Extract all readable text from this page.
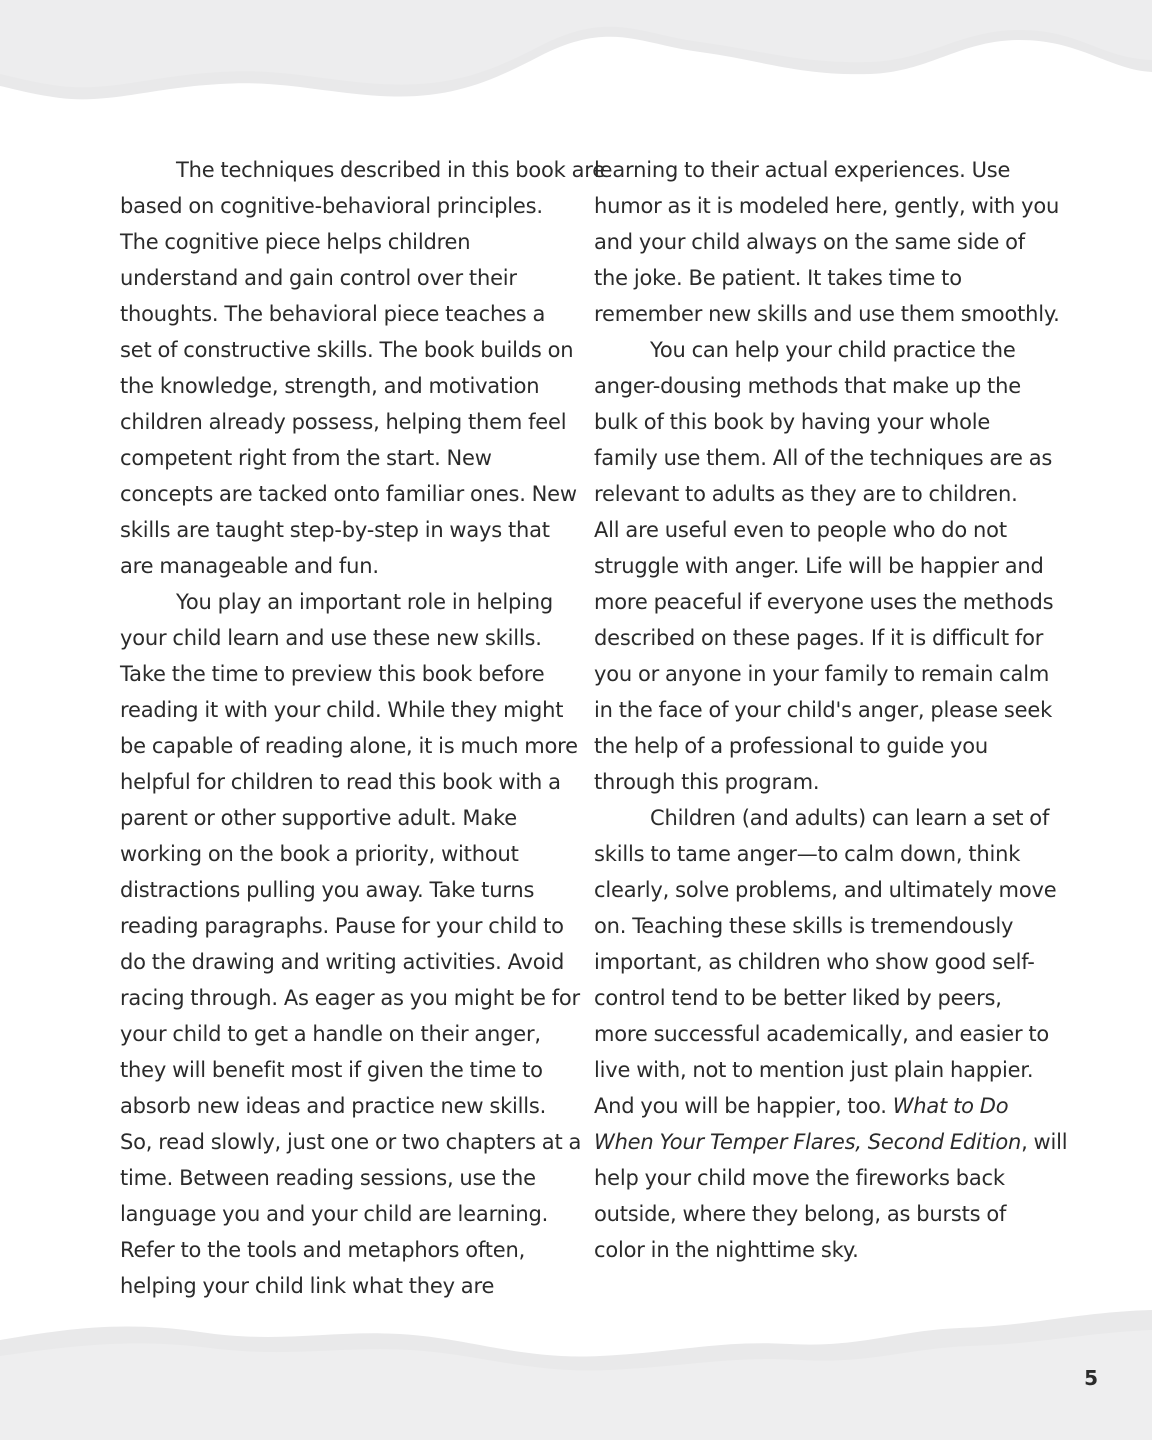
The techniques described in this book are
based on cognitive-behavioral principles.
The cognitive piece helps children
understand and gain control over their
thoughts. The behavioral piece teaches a
set of constructive skills. The book builds on
the knowledge, strength, and motivation
children already possess, helping them feel
competent right from the start. New
concepts are tacked onto familiar ones. New
skills are taught step-by-step in ways that
are manageable and fun.
You play an important role in helping
your child learn and use these new skills.
Take the time to preview this book before
reading it with your child. While they might
be capable of reading alone, it is much more
helpful for children to read this book with a
parent or other supportive adult. Make
working on the book a priority, without
distractions pulling you away. Take turns
reading paragraphs. Pause for your child to
do the drawing and writing activities. Avoid
racing through. As eager as you might be for
your child to get a handle on their anger,
they will benefit most if given the time to
absorb new ideas and practice new skills.
So, read slowly, just one or two chapters at a
time. Between reading sessions, use the
language you and your child are learning.
Refer to the tools and metaphors often,
helping your child link what they are
learning to their actual experiences. Use
humor as it is modeled here, gently, with you
and your child always on the same side of
the joke. Be patient. It takes time to
remember new skills and use them smoothly.
You can help your child practice the
anger-dousing methods that make up the
bulk of this book by having your whole
family use them. All of the techniques are as
relevant to adults as they are to children.
All are useful even to people who do not
struggle with anger. Life will be happier and
more peaceful if everyone uses the methods
described on these pages. If it is difficult for
you or anyone in your family to remain calm
in the face of your child's anger, please seek
the help of a professional to guide you
through this program.
Children (and adults) can learn a set of
skills to tame anger—to calm down, think
clearly, solve problems, and ultimately move
on. Teaching these skills is tremendously
important, as children who show good self-
control tend to be better liked by peers,
more successful academically, and easier to
live with, not to mention just plain happier.
And you will be happier, too. What to Do
When Your Temper Flares, Second Edition, will
help your child move the fireworks back
outside, where they belong, as bursts of
color in the nighttime sky.
5
